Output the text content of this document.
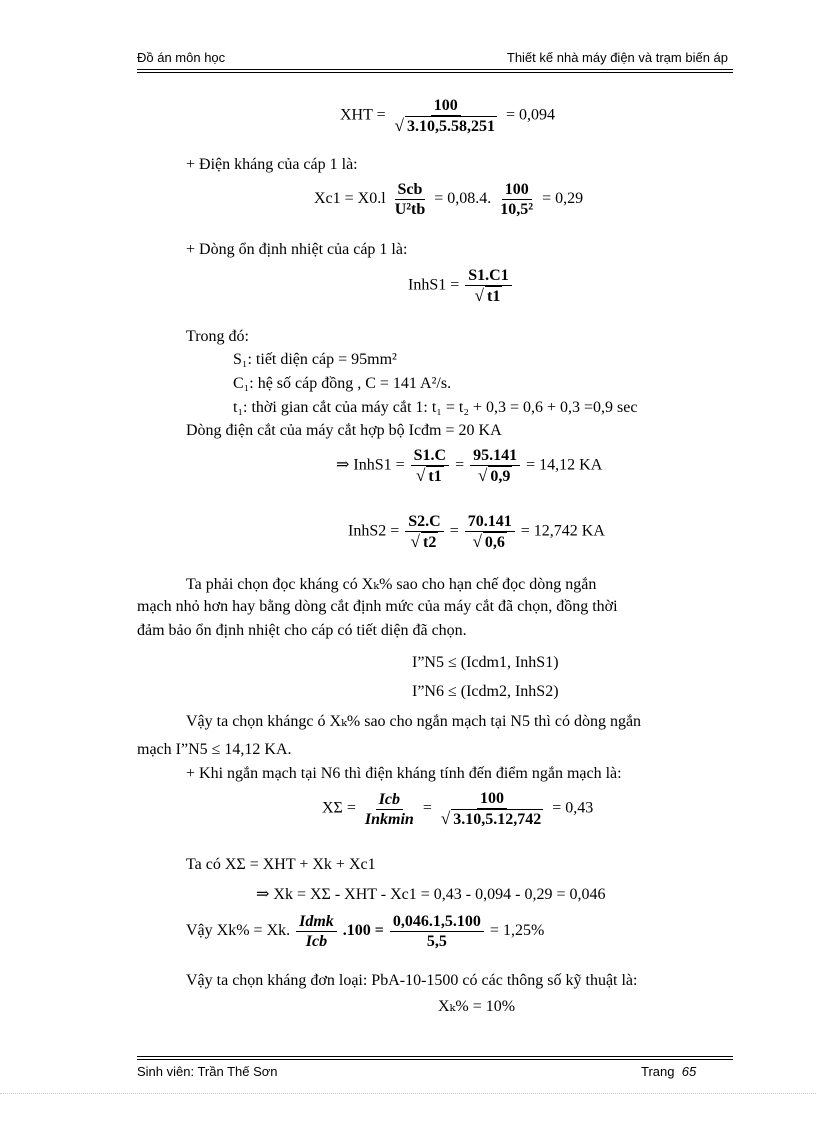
Đồ án môn học	Thiết kế nhà máy điện và trạm biến áp
XHT = $\frac{100}{√ 3.10,5.58,251} = 0,094$
+ Điện kháng của cáp 1 là:
$Xc1 = X0.l \frac{\text{Scb}}{\text{U²tb}} = 0,08.4$. $\frac{100}{\text{10,5²}} = 0,29$
+ Dòng ổn định nhiệt của cáp 1 là:
InhS1 = $\frac{S1.C1}{√ t1}$
Trong đó:
S₁: tiết diện cáp = 95mm²
C₁: hệ số cáp đồng , C = 141 A²/s.
t₁: thời gian cắt của máy cắt 1: t₁ = t₂ + 0,3 = 0,6 + 0,3 =0,9 sec
Dòng điện cắt của máy cắt hợp bộ Icđm = 20 KA
⇒ InhS1 = $\frac{S1.C}{√ t1} = \frac{95.141}{√ 0,9} = 14,12$ KA
InhS2 = $\frac{S2.C}{√ t2} = \frac{70.141}{√ 0,6} = 12,742$ KA
Ta phải chọn đọc kháng có Xₖ% sao cho hạn chế đọc dòng ngắn
mạch nhỏ hơn hay bằng dòng cắt định mức của máy cắt đã chọn, đồng thời
đảm bảo ổn định nhiệt cho cáp có tiết diện đã chọn.
I”N5 ≤ (Icdm1, InhS1)
I”N6 ≤ (Icdm2, InhS2)
Vậy ta chọn khángc ó Xₖ% sao cho ngắn mạch tại N5 thì có dòng ngắn
mạch I”N5 ≤ 14,12 KA.
+ Khi ngắn mạch tại N6 thì điện kháng tính đến điểm ngắn mạch là:
$X\Sigma = \frac{\text{Icb}}{\text{Inkmin}} = \frac{100}{√ 3.10,5.12,742} = 0,43$
Ta có XΣ = XHT + Xk + Xc1
⇒ Xk = XΣ - XHT - Xc1 = 0,43 - 0,094 - 0,29 = 0,046
Vậy Xk% = Xk. $\frac{\text{Idmk}}{\text{Icb}} .100 = \frac{0,046.1,5.100}{5,5} = 1,25\%$
Vậy ta chọn kháng đơn loại: PbA-10-1500 có các thông số kỹ thuật là:
Xₖ% = 10%
Sinh viên: Trần Thế Sơn	Trang 65
